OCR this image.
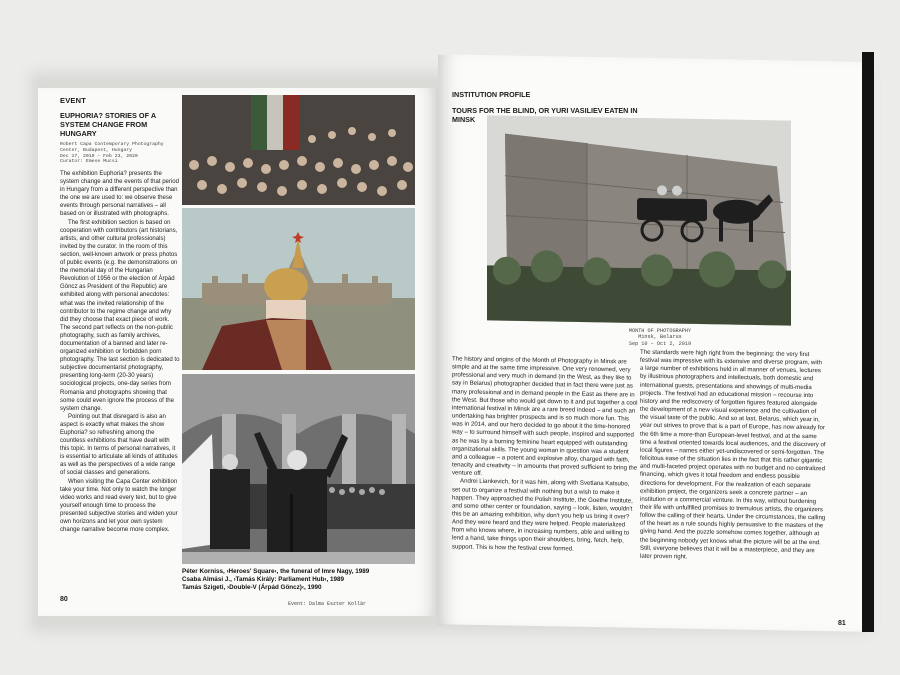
EVENT
EUPHORIA? STORIES OF A SYSTEM CHANGE FROM HUNGARY
Robert Capa Contemporary Photography
Center, Budapest, Hungary
Dec 17, 2019 – Feb 23, 2020
Curator: Emese Mucsi

The exhibition Euphoria? presents the system change and the events of that period in Hungary from a different perspective than the one we are used to: we observe these events through personal narratives – all based on or illustrated with photographs.

The first exhibition section is based on cooperation with contributors (art historians, artists, and other cultural professionals) invited by the curator. In the room of this section, well-known artwork or press photos of public events (e.g. the demonstrations on the memorial day of the Hungarian Revolution of 1956 or the election of Árpád Göncz as President of the Republic) are exhibited along with personal anecdotes: what was the invited relationship of the contributor to the regime change and why did they choose that exact piece of work. The second part reflects on the non-public photography, such as family archives, documentation of a banned and later re-organized exhibition or forbidden porn photography. The last section is dedicated to subjective documentarist photography, presenting long-term (20-30 years) sociological projects, one-day series from Romania and photographs showing that some could even ignore the process of the system change.

Pointing out that disregard is also an aspect is exactly what makes the show Euphoria? so refreshing among the countless exhibitions that have dealt with this topic. In terms of personal narratives, it is essential to articulate all kinds of attitudes as well as the perspectives of a wide range of social classes and generations.

When visiting the Capa Center exhibition take your time. Not only to watch the longer video works and read every text, but to give yourself enough time to process the presented subjective stories and widen your own horizons and let your own system change narrative become more complex.

Péter Korniss, ›Heroes' Square‹, the funeral of Imre Nagy, 1989
Csaba Almási J., ›Tamás Király: Parliament Hub‹, 1989
Tamás Szigeti, ›Double-V (Árpád Göncz)‹, 1990
80
Event: Dalma Eszter Kollár
INSTITUTION PROFILE
TOURS FOR THE BLIND, OR YURI VASILIEV EATEN IN MINSK
MONTH OF PHOTOGRAPHY
Minsk, Belarus
Sep 10 – Oct 2, 2019

The history and origins of the Month of Photography in Minsk are simple and at the same time impressive. One very renowned, very professional and very much in demand (in the West, as they like to say in Belarus) photographer decided that in fact there were just as many professional and in demand people in the East as there are in the West. But those who would get down to it and put together a cool international festival in Minsk are a rare breed indeed – and such an undertaking has brighter prospects and is so much more fun. This was in 2014, and our hero decided to go about it the time-honored way – to surround himself with such people, inspired and supported as he was by a burning feminine heart equipped with outstanding organizational skills. The young woman in question was a student and a colleague – a potent and explosive alloy, charged with faith, tenacity and creativity – in amounts that proved sufficient to bring the venture off.

Andrei Liankevich, for it was him, along with Svetlana Katsubo, set out to organize a festival with nothing but a wish to make it happen. They approached the Polish Institute, the Goethe Institute, and some other center or foundation, saying – look, listen, wouldn't this be an amazing exhibition, why don't you help us bring it over? And they were heard and they were helped. People materialized from who knows where, in increasing numbers, able and willing to lend a hand, take things upon their shoulders, bring, fetch, help, support. This is how the festival crew formed.

The standards were high right from the beginning: the very first festival was impressive with its extensive and diverse program, with a large number of exhibitions held in all manner of venues, lectures by illustrious photographers and intellectuals, both domestic and international guests, presentations and showings of multi-media projects. The festival had an educational mission – recourse into history and the rediscovery of forgotten figures featured alongside the development of a new visual experience and the cultivation of the visual taste of the public. And so at last, Belarus, which year in, year out strives to prove that is a part of Europe, has now already for the 6th time a more-than European-level festival, and at the same time a festival oriented towards local audiences, and the discovery of local figures – names either yet-undiscovered or semi-forgotten. The felicitous ease of the situation lies in the fact that this rather gigantic and multi-faceted project operates with no budget and no centralized financing, which gives it total freedom and endless possible directions for development. For the realization of each separate exhibition project, the organizers seek a concrete partner – an institution or a commercial venture. In this way, without burdening their life with unfulfilled promises to tremulous artists, the organizers follow the calling of their hearts. Under the circumstances, the calling of the heart as a rule sounds highly persuasive to the masters of the giving hand. And the puzzle somehow comes together, although at the beginning nobody yet knows what the picture will be at the end. Still, everyone believes that it will be a masterpiece, and they are later proven right.

81
